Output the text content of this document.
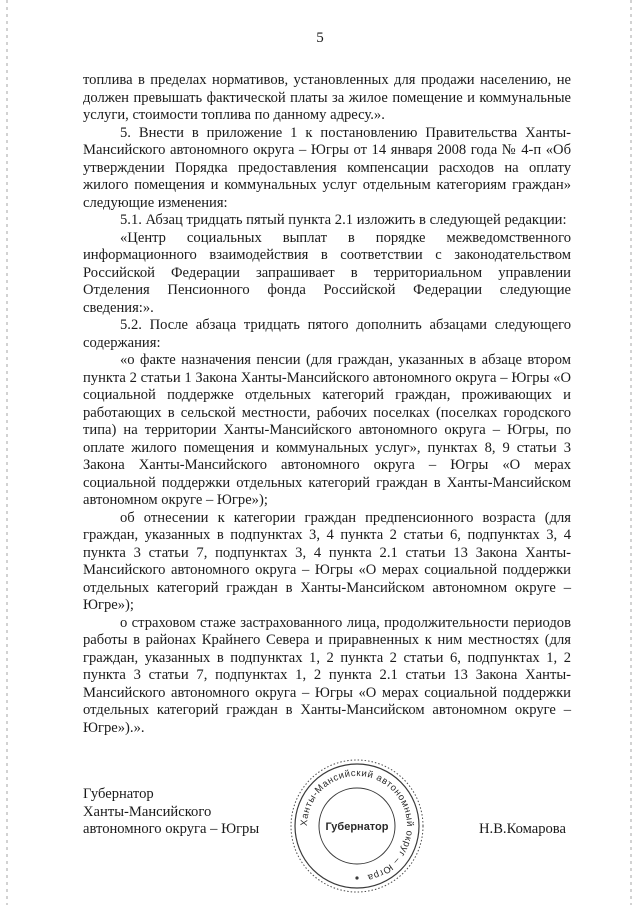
5

топлива в пределах нормативов, установленных для продажи населению, не должен превышать фактической платы за жилое помещение и коммунальные услуги, стоимости топлива по данному адресу.».

5. Внести в приложение 1 к постановлению Правительства Ханты-Мансийского автономного округа – Югры от 14 января 2008 года № 4-п «Об утверждении Порядка предоставления компенсации расходов на оплату жилого помещения и коммунальных услуг отдельным категориям граждан» следующие изменения:

5.1. Абзац тридцать пятый пункта 2.1 изложить в следующей редакции:

«Центр социальных выплат в порядке межведомственного информационного взаимодействия в соответствии с законодательством Российской Федерации запрашивает в территориальном управлении Отделения Пенсионного фонда Российской Федерации следующие сведения:».

5.2. После абзаца тридцать пятого дополнить абзацами следующего содержания:

«о факте назначения пенсии (для граждан, указанных в абзаце втором пункта 2 статьи 1 Закона Ханты-Мансийского автономного округа – Югры «О социальной поддержке отдельных категорий граждан, проживающих и работающих в сельской местности, рабочих поселках (поселках городского типа) на территории Ханты-Мансийского автономного округа – Югры, по оплате жилого помещения и коммунальных услуг», пунктах 8, 9 статьи 3 Закона Ханты-Мансийского автономного округа – Югры «О мерах социальной поддержки отдельных категорий граждан в Ханты-Мансийском автономном округе – Югре»);

об отнесении к категории граждан предпенсионного возраста (для граждан, указанных в подпунктах 3, 4 пункта 2 статьи 6, подпунктах 3, 4 пункта 3 статьи 7, подпунктах 3, 4 пункта 2.1 статьи 13 Закона Ханты-Мансийского автономного округа – Югры «О мерах социальной поддержки отдельных категорий граждан в Ханты-Мансийском автономном округе – Югре»);

о страховом стаже застрахованного лица, продолжительности периодов работы в районах Крайнего Севера и приравненных к ним местностях (для граждан, указанных в подпунктах 1, 2 пункта 2 статьи 6, подпунктах 1, 2 пункта 3 статьи 7, подпунктах 1, 2 пункта 2.1 статьи 13 Закона Ханты-Мансийского автономного округа – Югры «О мерах социальной поддержки отдельных категорий граждан в Ханты-Мансийском автономном округе – Югре»).».

Губернатор
Ханты-Мансийского
автономного округа – Югры	Ханты-Мансийский автономный округ – Югра
Губернатор	Н.В.Комарова
